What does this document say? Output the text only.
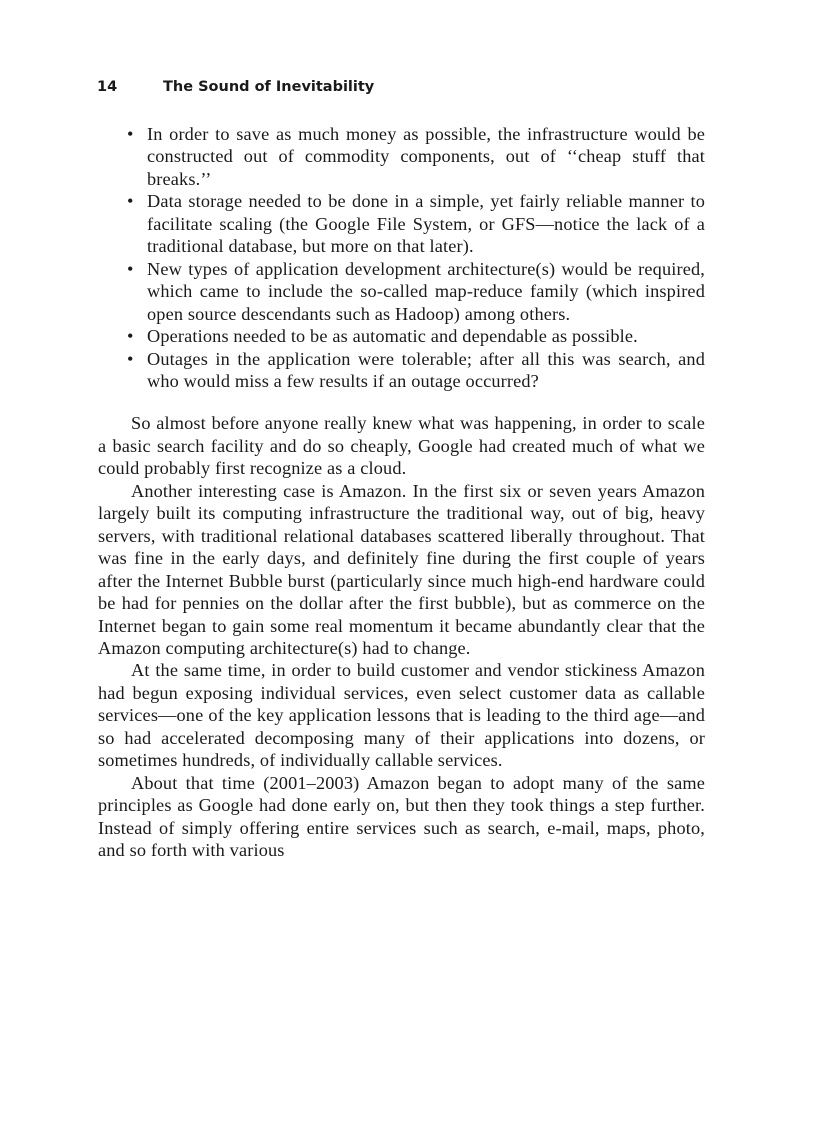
14	The Sound of Inevitability
• In order to save as much money as possible, the infrastructure would be constructed out of commodity components, out of ‘‘cheap stuff that breaks.’’
• Data storage needed to be done in a simple, yet fairly reliable manner to facilitate scaling (the Google File System, or GFS—notice the lack of a traditional database, but more on that later).
• New types of application development architecture(s) would be required, which came to include the so-called map-reduce family (which inspired open source descendants such as Hadoop) among others.
• Operations needed to be as automatic and dependable as possible.
• Outages in the application were tolerable; after all this was search, and who would miss a few results if an outage occurred?

So almost before anyone really knew what was happening, in order to scale a basic search facility and do so cheaply, Google had created much of what we could probably first recognize as a cloud.

Another interesting case is Amazon. In the first six or seven years Amazon largely built its computing infrastructure the traditional way, out of big, heavy servers, with traditional relational databases scattered liberally throughout. That was fine in the early days, and definitely fine during the first couple of years after the Internet Bubble burst (particularly since much high-end hardware could be had for pennies on the dollar after the first bubble), but as commerce on the Internet began to gain some real momentum it became abundantly clear that the Amazon computing architecture(s) had to change.

At the same time, in order to build customer and vendor stickiness Amazon had begun exposing individual services, even select customer data as callable services—one of the key application lessons that is leading to the third age—and so had accelerated decomposing many of their applications into dozens, or sometimes hundreds, of individually callable services.

About that time (2001–2003) Amazon began to adopt many of the same principles as Google had done early on, but then they took things a step further. Instead of simply offering entire services such as search, e-mail, maps, photo, and so forth with various
